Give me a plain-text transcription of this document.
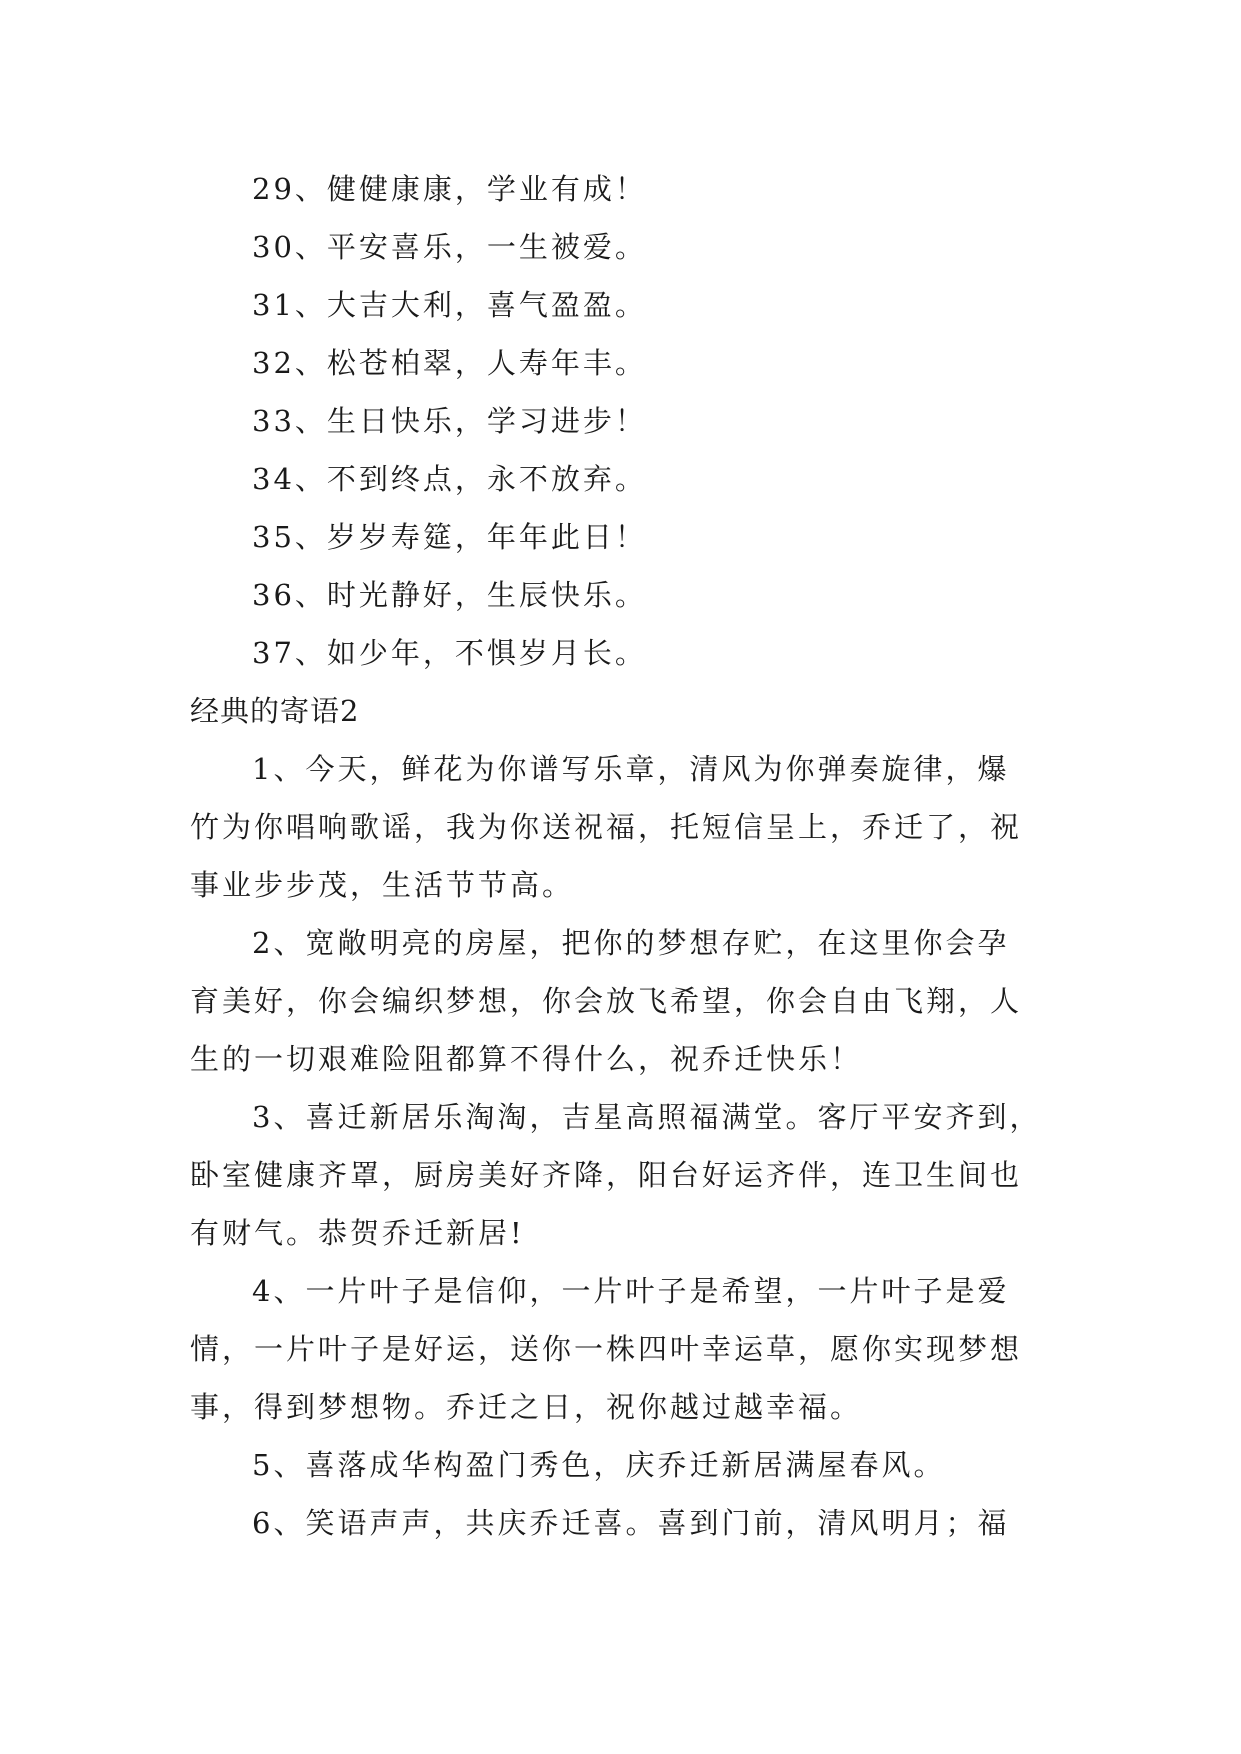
29、健健康康，学业有成！
30、平安喜乐，一生被爱。
31、大吉大利，喜气盈盈。
32、松苍柏翠，人寿年丰。
33、生日快乐，学习进步！
34、不到终点，永不放弃。
35、岁岁寿筵，年年此日！
36、时光静好，生辰快乐。
37、如少年，不惧岁月长。
经典的寄语2
1、今天，鲜花为你谱写乐章，清风为你弹奏旋律，爆
竹为你唱响歌谣，我为你送祝福，托短信呈上，乔迁了，祝
事业步步茂，生活节节高。
2、宽敞明亮的房屋，把你的梦想存贮，在这里你会孕
育美好，你会编织梦想，你会放飞希望，你会自由飞翔，人
生的一切艰难险阻都算不得什么，祝乔迁快乐！
3、喜迁新居乐淘淘，吉星高照福满堂。客厅平安齐到，
卧室健康齐罩，厨房美好齐降，阳台好运齐伴，连卫生间也
有财气。恭贺乔迁新居!
4、一片叶子是信仰，一片叶子是希望，一片叶子是爱
情，一片叶子是好运，送你一株四叶幸运草，愿你实现梦想
事，得到梦想物。乔迁之日，祝你越过越幸福。
5、喜落成华构盈门秀色，庆乔迁新居满屋春风。
6、笑语声声，共庆乔迁喜。喜到门前，清风明月；福
